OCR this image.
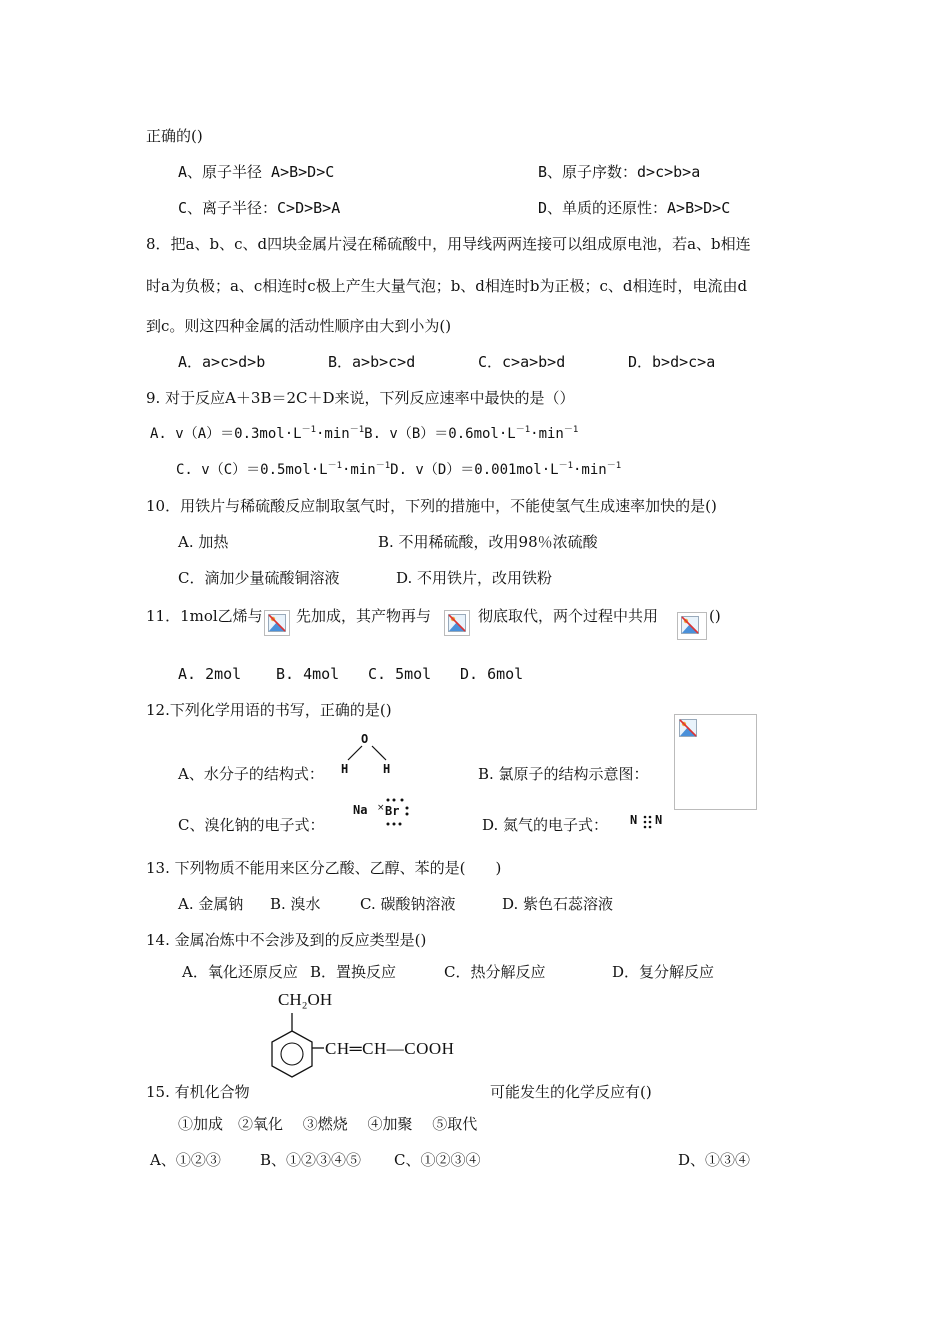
正确的()
A、原子半径 A>B>D>C	B、原子序数：d>c>b>a
C、离子半径：C>D>B>A	D、单质的还原性：A>B>D>C
8．把a、b、c、d四块金属片浸在稀硫酸中，用导线两两连接可以组成原电池，若a、b相连
时a为负极；a、c相连时c极上产生大量气泡；b、d相连时b为正极；c、d相连时，电流由d
到c。则这四种金属的活动性顺序由大到小为()
A．a>c>d>b	B．a>b>c>d	C．c>a>b>d	D．b>d>c>a
9. 对于反应A＋3B＝2C＋D来说，下列反应速率中最快的是（）
A. $v(A)=0.3mol\cdot L^{-1}\cdot\min^{-1}B$. $v(B)=0.6mol\cdot L^{-1}\cdot\min^{-1}$
C. $v(C)=0.5mol\cdot L^{-1}\cdot\min^{-1}D$. $v(D)=0.001mol\cdot L^{-1}\cdot\min^{-1}$
10．用铁片与稀硫酸反应制取氢气时，下列的措施中，不能使氢气生成速率加快的是()
A. 加热	B. 不用稀硫酸，改用98％浓硫酸
C．滴加少量硫酸铜溶液	D. 不用铁片，改用铁粉
11．1mol乙烯与 先加成，其产物再与	彻底取代，两个过程中共用	()
A. 2mol B. 4mol C. 5mol D. 6mol
12.下列化学用语的书写，正确的是()
A、水分子的结构式：
O
H	H	B. 氯原子的结构示意图：
C、溴化钠的电子式：
Na × Br
D. 氮气的电子式： N N
13. 下列物质不能用来区分乙酸、乙醇、苯的是(　　)
A. 金属钠 B. 溴水	C. 碳酸钠溶液	D. 紫色石蕊溶液
14. 金属冶炼中不会涉及到的反应类型是()
A．氧化还原反应 B．置换反应	C．热分解反应	D．复分解反应
CH₂OH
CH═CH—COOH
15. 有机化合物	可能发生的化学反应有()
①加成　②氧化　 ③燃烧　 ④加聚　 ⑤取代
A、①②③	B、①②③④⑤ C、①②③④	D、①③④
